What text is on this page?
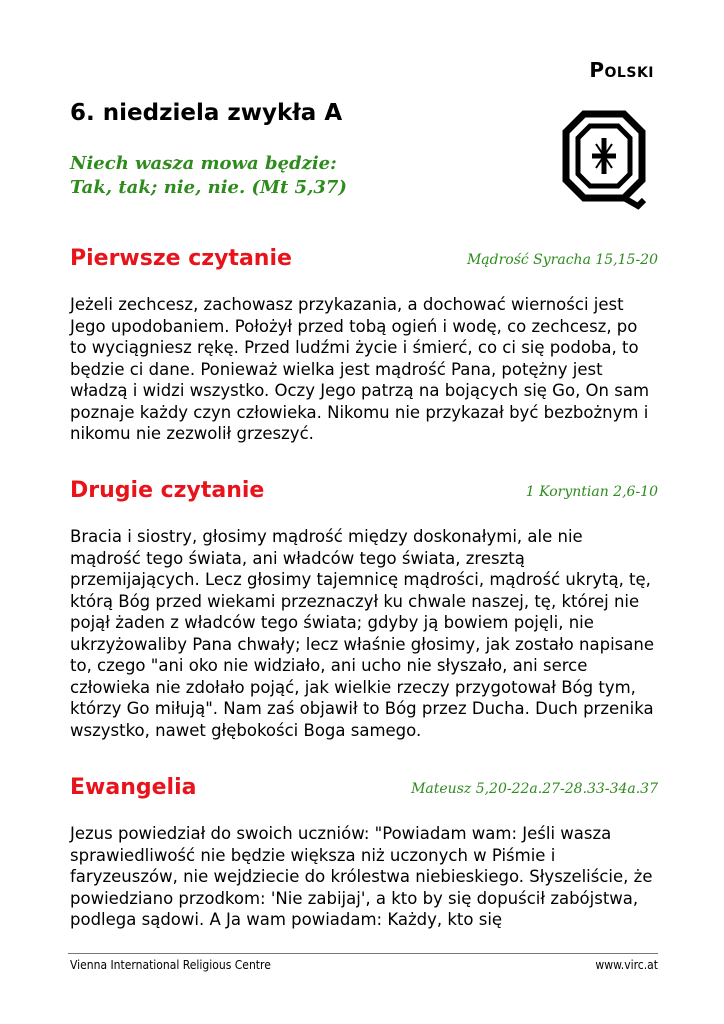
Polski
6. niedziela zwykła A
Niech wasza mowa będzie:
Tak, tak; nie, nie. (Mt 5,37)
Pierwsze czytanie	Mądrość Syracha 15,15-20
Jeżeli zechcesz, zachowasz przykazania, a dochować wierności jest Jego upodobaniem. Położył przed tobą ogień i wodę, co zechcesz, po to wyciągniesz rękę. Przed ludźmi życie i śmierć, co ci się podoba, to będzie ci dane. Ponieważ wielka jest mądrość Pana, potężny jest władzą i widzi wszystko. Oczy Jego patrzą na bojących się Go, On sam poznaje każdy czyn człowieka. Nikomu nie przykazał być bezbożnym i nikomu nie zezwolił grzeszyć.
Drugie czytanie	1 Koryntian 2,6-10
Bracia i siostry, głosimy mądrość między doskonałymi, ale nie mądrość tego świata, ani władców tego świata, zresztą przemijających. Lecz głosimy tajemnicę mądrości, mądrość ukrytą, tę, którą Bóg przed wiekami przeznaczył ku chwale naszej, tę, której nie pojął żaden z władców tego świata; gdyby ją bowiem pojęli, nie ukrzyżowaliby Pana chwały; lecz właśnie głosimy, jak zostało napisane to, czego "ani oko nie widziało, ani ucho nie słyszało, ani serce człowieka nie zdołało pojąć, jak wielkie rzeczy przygotował Bóg tym, którzy Go miłują". Nam zaś objawił to Bóg przez Ducha. Duch przenika wszystko, nawet głębokości Boga samego.
Ewangelia	Mateusz 5,20-22a.27-28.33-34a.37
Jezus powiedział do swoich uczniów: "Powiadam wam: Jeśli wasza sprawiedliwość nie będzie większa niż uczonych w Piśmie i faryzeuszów, nie wejdziecie do królestwa niebieskiego. Słyszeliście, że powiedziano przodkom: 'Nie zabijaj', a kto by się dopuścił zabójstwa, podlega sądowi. A Ja wam powiadam: Każdy, kto się
Vienna International Religious Centre	www.virc.at
